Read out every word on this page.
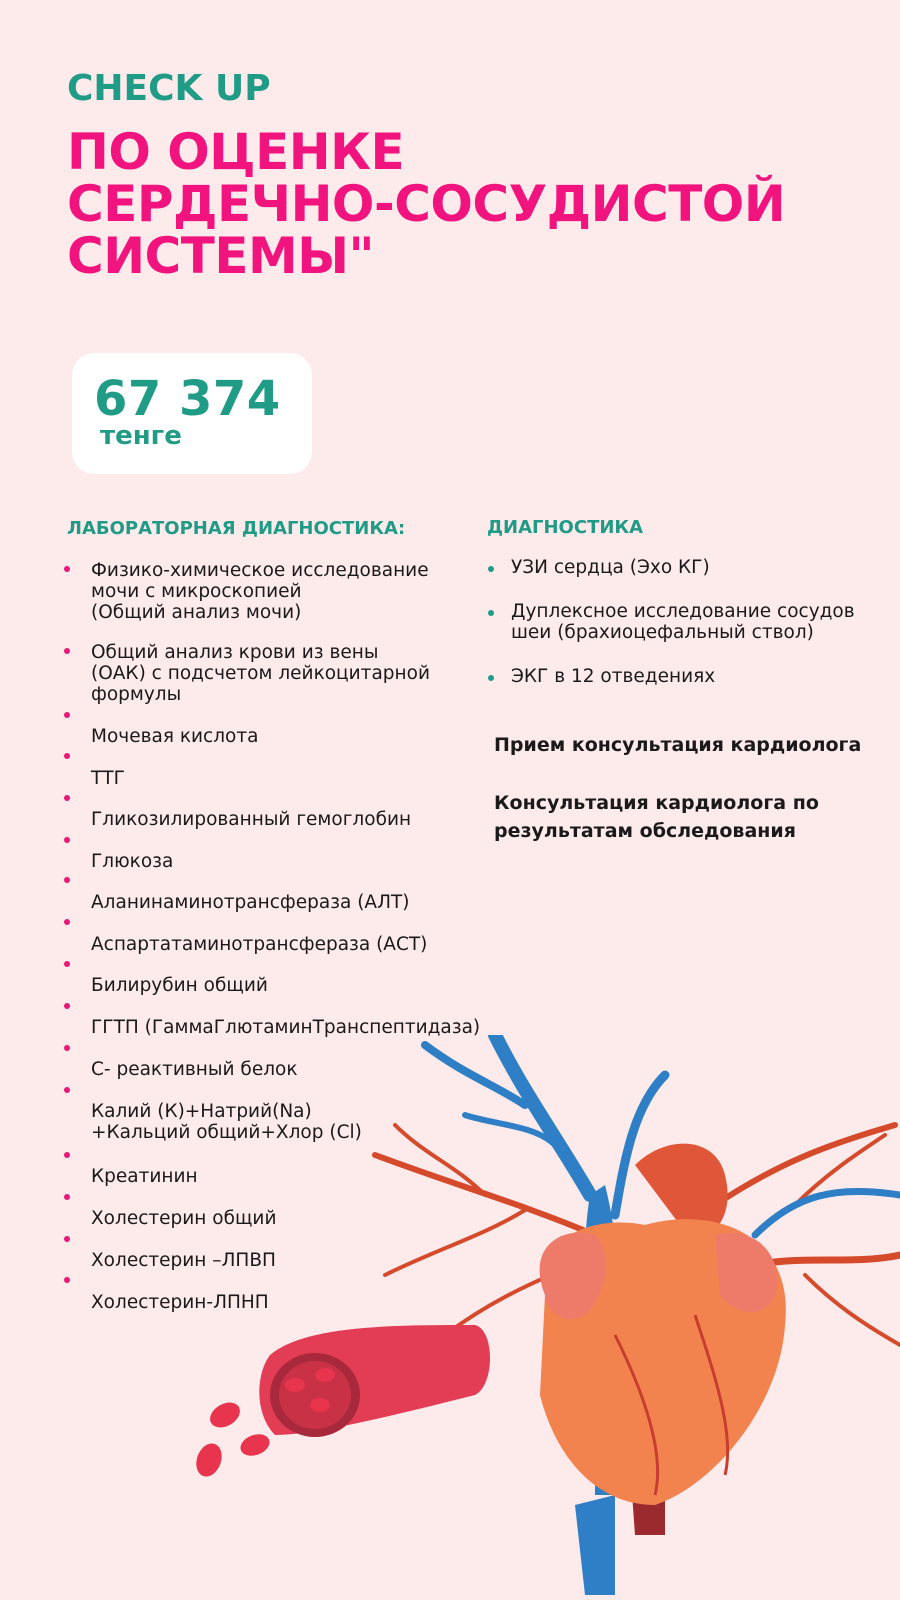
CHECK UP
ПО ОЦЕНКЕ
СЕРДЕЧНО-СОСУДИСТОЙ
СИСТЕМЫ"
67 374
тенге
ЛАБОРАТОРНАЯ ДИАГНОСТИКА:	ДИАГНОСТИКА
Физико-химическое исследование
мочи с микроскопией
(Общий анализ мочи)
Общий анализ крови из вены
(ОАК) с подсчетом лейкоцитарной
формулы
Мочевая кислота
ТТГ
Гликозилированный гемоглобин
Глюкоза
Аланинаминотрансфераза (АЛТ)
Аспартатаминотрансфераза (АСТ)
Билирубин общий
ГГТП (ГаммаГлютаминТранспептидаза)
С- реактивный белок
Калий (К)+Натрий(Na)
+Кальций общий+Хлор (Cl)
Креатинин
Холестерин общий
Холестерин –ЛПВП
Холестерин-ЛПНП
УЗИ сердца (Эхо КГ)
Дуплексное исследование сосудов
шеи (брахиоцефальный ствол)
ЭКГ в 12 отведениях
Прием консультация кардиолога
Консультация кардиолога по
результатам обследования
